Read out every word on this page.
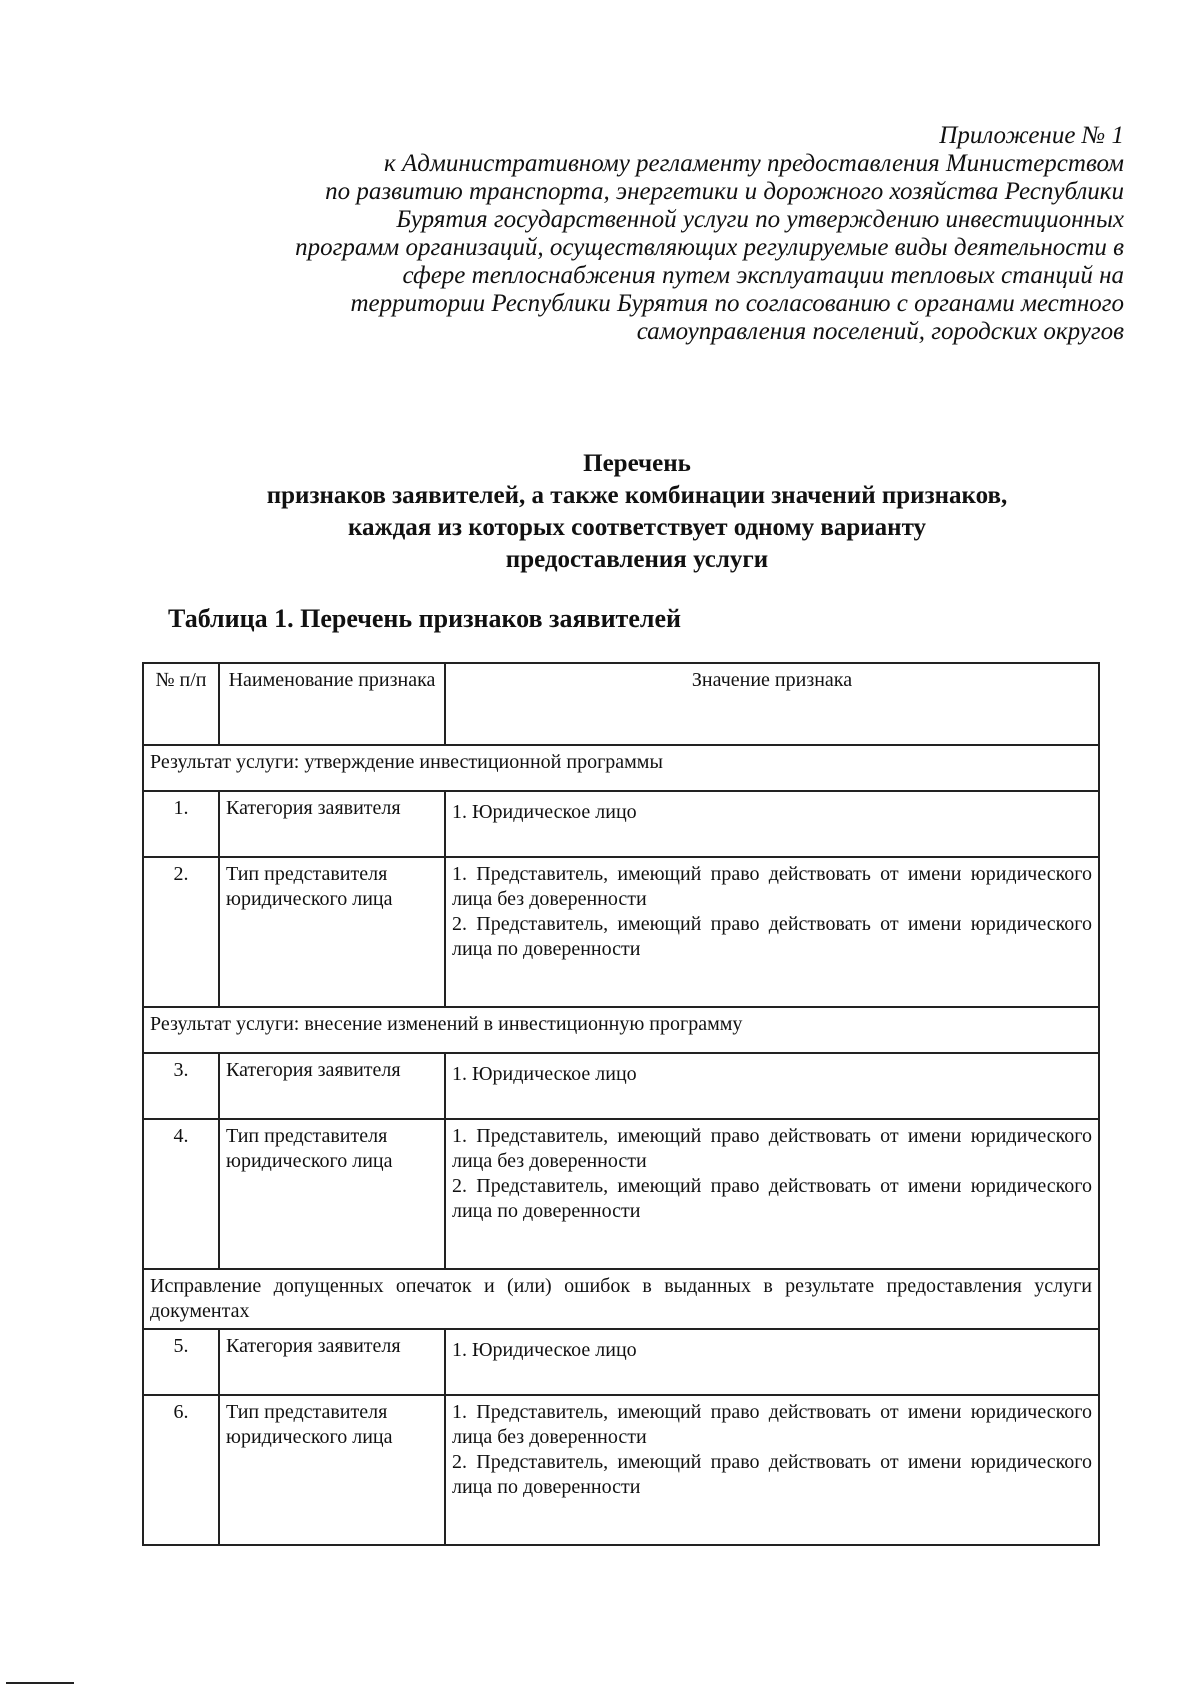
Приложение № 1
к Административному регламенту предоставления Министерством
по развитию транспорта, энергетики и дорожного хозяйства Республики
Бурятия государственной услуги по утверждению инвестиционных
программ организаций, осуществляющих регулируемые виды деятельности в
сфере теплоснабжения путем эксплуатации тепловых станций на
территории Республики Бурятия по согласованию с органами местного
самоуправления поселений, городских округов
Перечень
признаков заявителей, а также комбинации значений признаков,
каждая из которых соответствует одному варианту
предоставления услуги
Таблица 1. Перечень признаков заявителей
№ п/п	Наименование признака	Значение признака
Результат услуги: утверждение инвестиционной программы		
1.	Категория заявителя	1. Юридическое лицо

2.	Тип представителя юридического лица	1. Представитель, имеющий право действовать от имени юридического лица без доверенности

2. Представитель, имеющий право действовать от имени юридического лица по доверенности

Результат услуги: внесение изменений в инвестиционную программу		
3.	Категория заявителя	1. Юридическое лицо

4.	Тип представителя юридического лица	1. Представитель, имеющий право действовать от имени юридического лица без доверенности

2. Представитель, имеющий право действовать от имени юридического лица по доверенности

Исправление допущенных опечаток и (или) ошибок в выданных в результате предоставления услуги документах		
5.	Категория заявителя	1. Юридическое лицо

6.	Тип представителя юридического лица	1. Представитель, имеющий право действовать от имени юридического лица без доверенности

2. Представитель, имеющий право действовать от имени юридического лица по доверенности
